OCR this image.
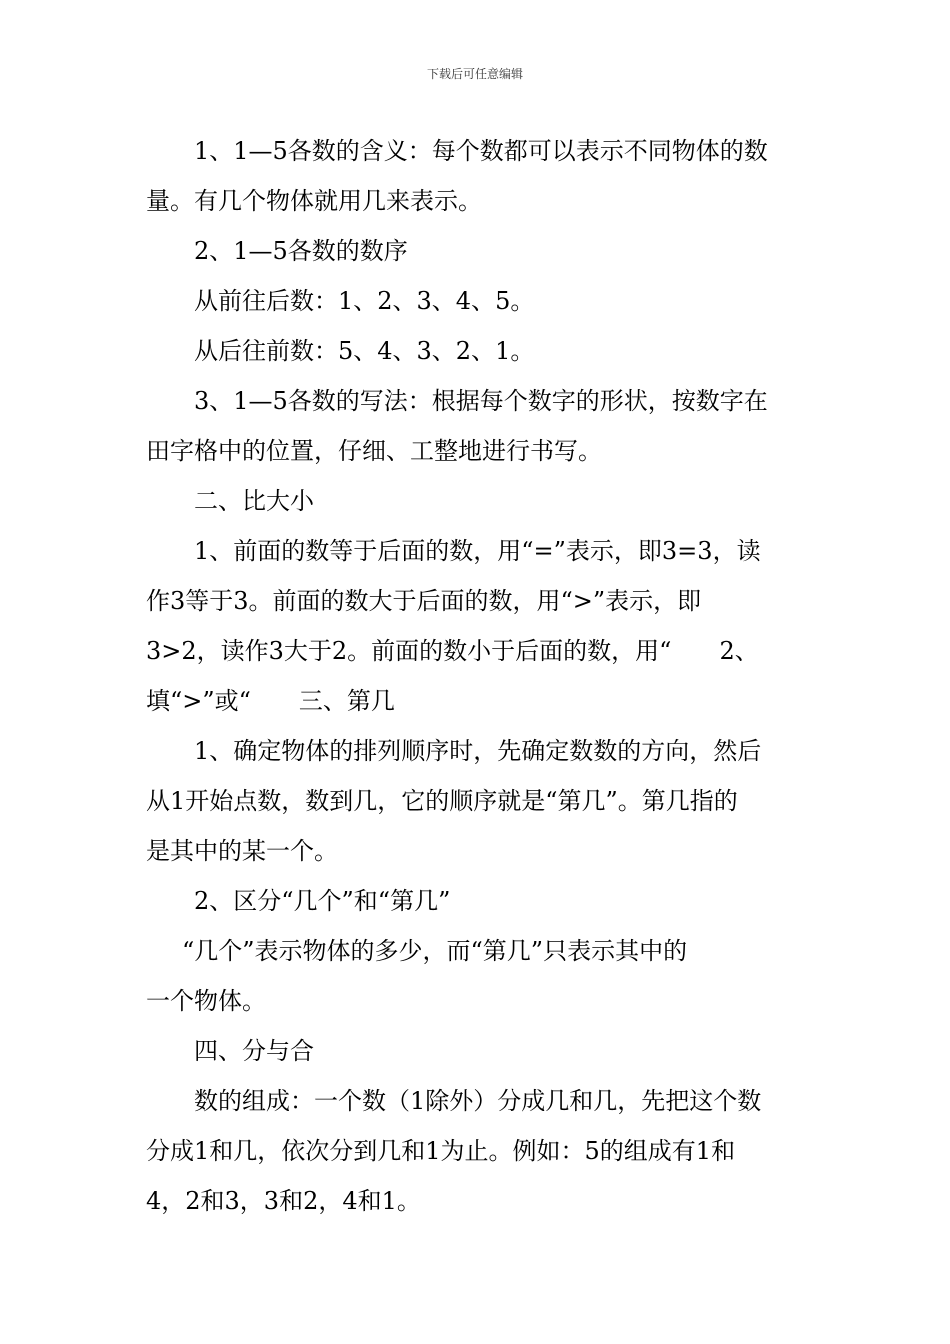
下载后可任意编辑
1、1—5各数的含义：每个数都可以表示不同物体的数
量。有几个物体就用几来表示。
2、1—5各数的数序
从前往后数：1、2、3、4、5。
从后往前数：5、4、3、2、1。
3、1—5各数的写法：根据每个数字的形状，按数字在
田字格中的位置，仔细、工整地进行书写。
二、比大小
1、前面的数等于后面的数，用“=”表示，即3=3，读
作3等于3。前面的数大于后面的数，用“>”表示，即
3>2，读作3大于2。前面的数小于后面的数，用“　　2、
填“>”或“　　三、第几
1、确定物体的排列顺序时，先确定数数的方向，然后
从1开始点数，数到几，它的顺序就是“第几”。第几指的
是其中的某一个。
2、区分“几个”和“第几”
“几个”表示物体的多少，而“第几”只表示其中的
一个物体。
四、分与合
数的组成：一个数（1除外）分成几和几，先把这个数
分成1和几，依次分到几和1为止。例如：5的组成有1和
4，2和3，3和2，4和1。
